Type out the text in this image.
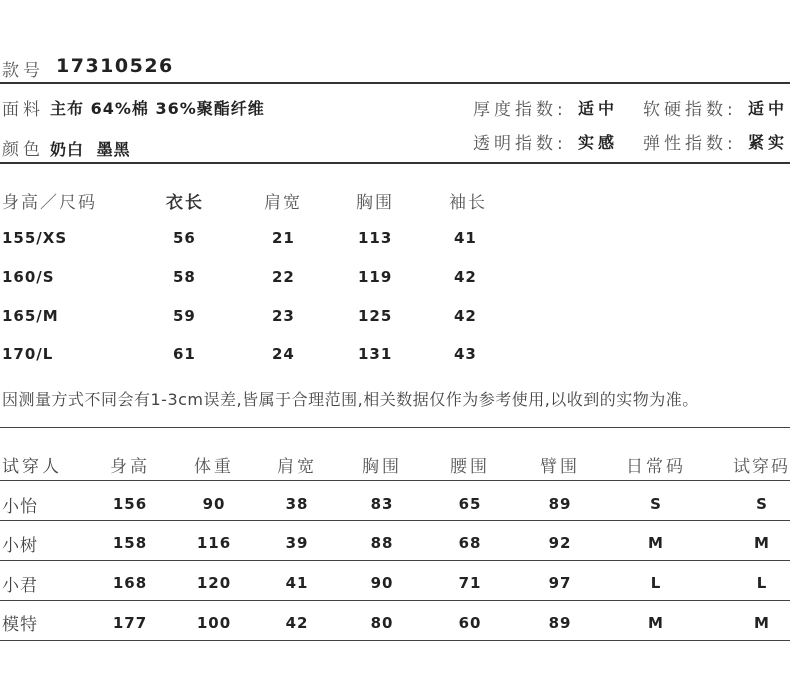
款号 17310526
面料 主布 64%棉 36%聚酯纤维	厚度指数: 适中 软硬指数: 适中
颜色 奶白 墨黑	透明指数: 实感 弹性指数: 紧实
身高／尺码	衣长	肩宽	胸围	袖长
155/XS	56	21	113	41
160/S	58	22	119	42
165/M	59	23	125	42
170/L	61	24	131	43
因测量方式不同会有1-3cm误差,皆属于合理范围,相关数据仅作为参考使用,以收到的实物为准。
试穿人	身高	体重	肩宽	胸围	腰围	臂围	日常码	试穿码
小怡	156	90	38	83	65	89	S	S
小树	158	116	39	88	68	92	M	M
小君	168	120	41	90	71	97	L	L
模特	177	100	42	80	60	89	M	M
